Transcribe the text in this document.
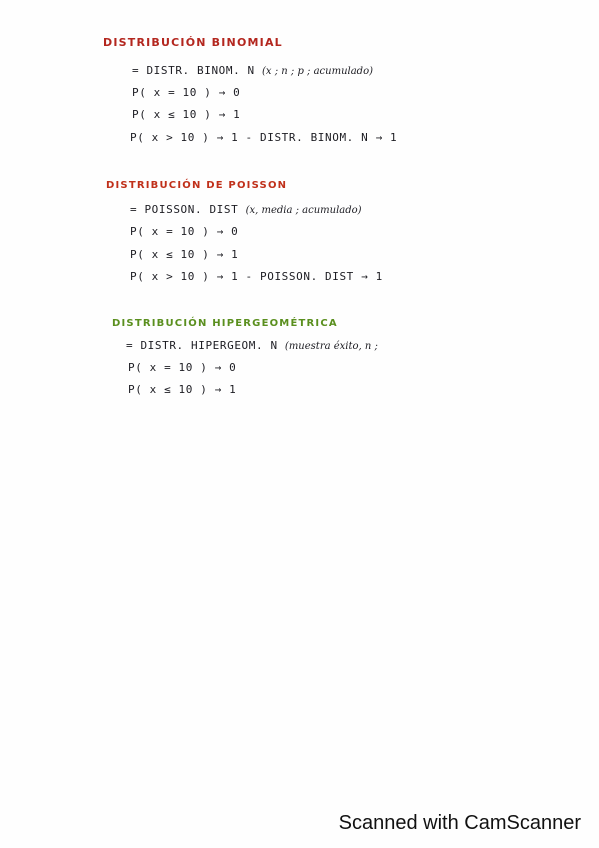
DISTRIBUCIÓN BINOMIAL
= DISTR. BINOM. N (x ; n ; p ; acumulado)
P( x = 10 ) → 0
P( x ≤ 10 ) → 1
P( x > 10 ) → 1 - DISTR. BINOM. N → 1
DISTRIBUCIÓN DE POISSON
= POISSON. DIST (x, media ; acumulado)
P( x = 10 ) → 0
P( x ≤ 10 ) → 1
P( x > 10 ) → 1 - POISSON. DIST → 1
DISTRIBUCIÓN HIPERGEOMÉTRICA
= DISTR. HIPERGEOM. N (muestra éxito, n ;
P( x = 10 ) → 0
P( x ≤ 10 ) → 1
Scanned with CamScanner
